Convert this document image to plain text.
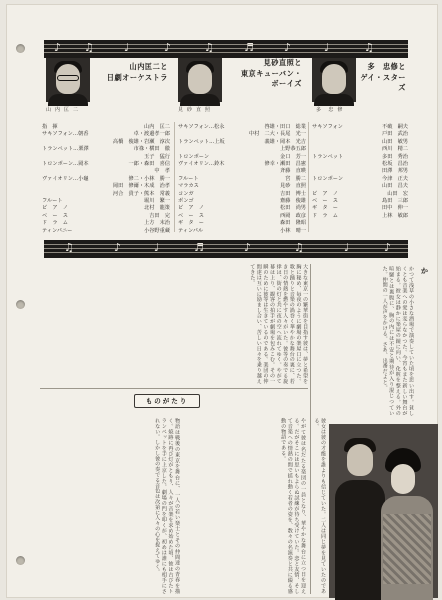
♪ ♫	♩	♪	♫	♬	♪	♩	♫
山 内 匡 二
山内匡二と
日劇オーケストラ
見 砂 直 照
見砂直照と
東京キューバン・
ボーイズ
多　忠 修
多　忠修と
ゲイ・スターズ
指　揮	山内　匡二
サキソフォン…朝香	卓・渡邊孝一郎
高橋　俊雄・岩瀬　淳次
トランペット…栗澤	市祿・横田　徹
玉子　猛行
トロンボーン…岡本	一郎・森田　喜信
中　孝
ヴァイオリン…小龜	修二・小林　勝一
岡田　修爾・木成　治孝
河合　貴子・熊本　常義
フルート	堀川　繁一
ピ　ア　ノ	北村　龍策
ベ　ー　ス	吉田　完
ド　ラ　ム	上方　末治
ティンパニー	小谷野重蔵
サキソフォン…松永	啓雄・田口　総業
中村　二大・長尾　光一
トランペット…上坂	義雄・岡本　光吉
上野恭五郎
トロンボーン	金口　芳一
ヴァイオリン…鈴木	修幸・瀬田　昌憲
斉藤　直暎
フルート	宮　勝二
マラカス	見砂　直照
コンガ	吉田　博士
ボンゴ	齋藤　俊雄
ピ　ア　ノ	松田　尚男
ベ　ー　ス	西岡　政彦
ギ　タ　ー	森田　隆昭
ティンパル	小林　晴一
サキソフォン	不破　嗣夫
戸田　武治
山田　敏男
西川　精二
トランペット	多田　秀治
松坂　昌治
田澤　邦男
トロンボーン	今津　正夫
山田　昌夫
ピ　ア　ノ	山田　宏
ベ　ー　ス	島田　三郎
ギ　タ　ー	田中　伸一
ド　ラ　ム	上林　敏郎
♫	♪	♩	♬	♪	♫	♩	♪
大きな東京一の繁華街を目指す彼は、夢と希望を胸に秘め、毎夜のように劇場の楽屋口に立つた。歌と踊りと音楽の渦巻く華やかな舞台の裏に、若き日の情熱を燃やす人々がいた。彼等の奏でる旋律は、街の灯と共に夜の空へ流れてゆく。やがて幕は上り、観客の拍手が劇場を包みこむ。その一瞬のために彼等は生きているのである。楽団の仲間達は互いに励まし合い、苦しい日々を乗り越えてきた。	かつて浅草の小さな酒場で演奏していた頃を思い出す。貧しくとも音楽への愛は変らなかつた。今宵もまた新しい舞台が始まる。彼女は静かに楽屋の鏡に向い、化粧を整える。外の喧騒とは裏腹に、胸の内には不安と期待が入り混じつていた。仲間の一人が声をかける。さあ、出番だよと。	か
ものがたり
物語は戦後の東京を舞台に、一人の若い楽士とその仲間達の青春を描く。焼跡に再び灯がともり、人々が音楽を求め始めた頃、彼は古びたトランペットを手に上京した。劇場の門を叩くが、初めは誰にも相手にされない。しかし彼の奏でる音色は次第に人々の心を捉えてゆく。	やがて彼は名だたる楽団の一員となり、華やかな舞台に立つ日を迎える。だがそこには思いもよらぬ試練が待ち受けていた。恋と友情、そして音楽への情熱の間で揺れ動く若者の姿を、数々の名演奏と共に綴る感動の物語である。	彼女は彼の才能を誰よりも信じていた。二人は同じ夢を見ていたのである。
